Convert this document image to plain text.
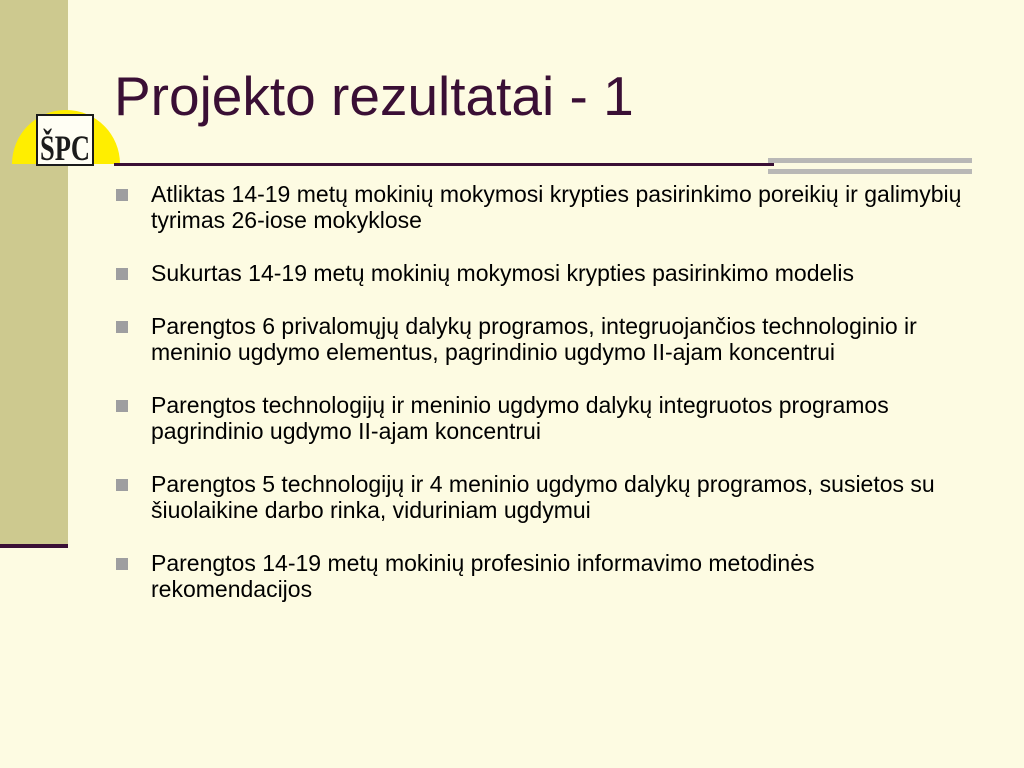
ŠPC
Projekto rezultatai - 1
Atliktas 14-19 metų mokinių mokymosi krypties pasirinkimo poreikių ir galimybių tyrimas 26-iose mokyklose
Sukurtas 14-19 metų mokinių mokymosi krypties pasirinkimo modelis
Parengtos 6 privalomųjų dalykų programos, integruojančios technologinio ir meninio ugdymo elementus, pagrindinio ugdymo II-ajam koncentrui
Parengtos technologijų ir meninio ugdymo dalykų integruotos programos pagrindinio ugdymo II-ajam koncentrui
Parengtos 5 technologijų ir 4 meninio ugdymo dalykų programos, susietos su šiuolaikine darbo rinka, viduriniam ugdymui
Parengtos 14-19 metų mokinių profesinio informavimo metodinės rekomendacijos
